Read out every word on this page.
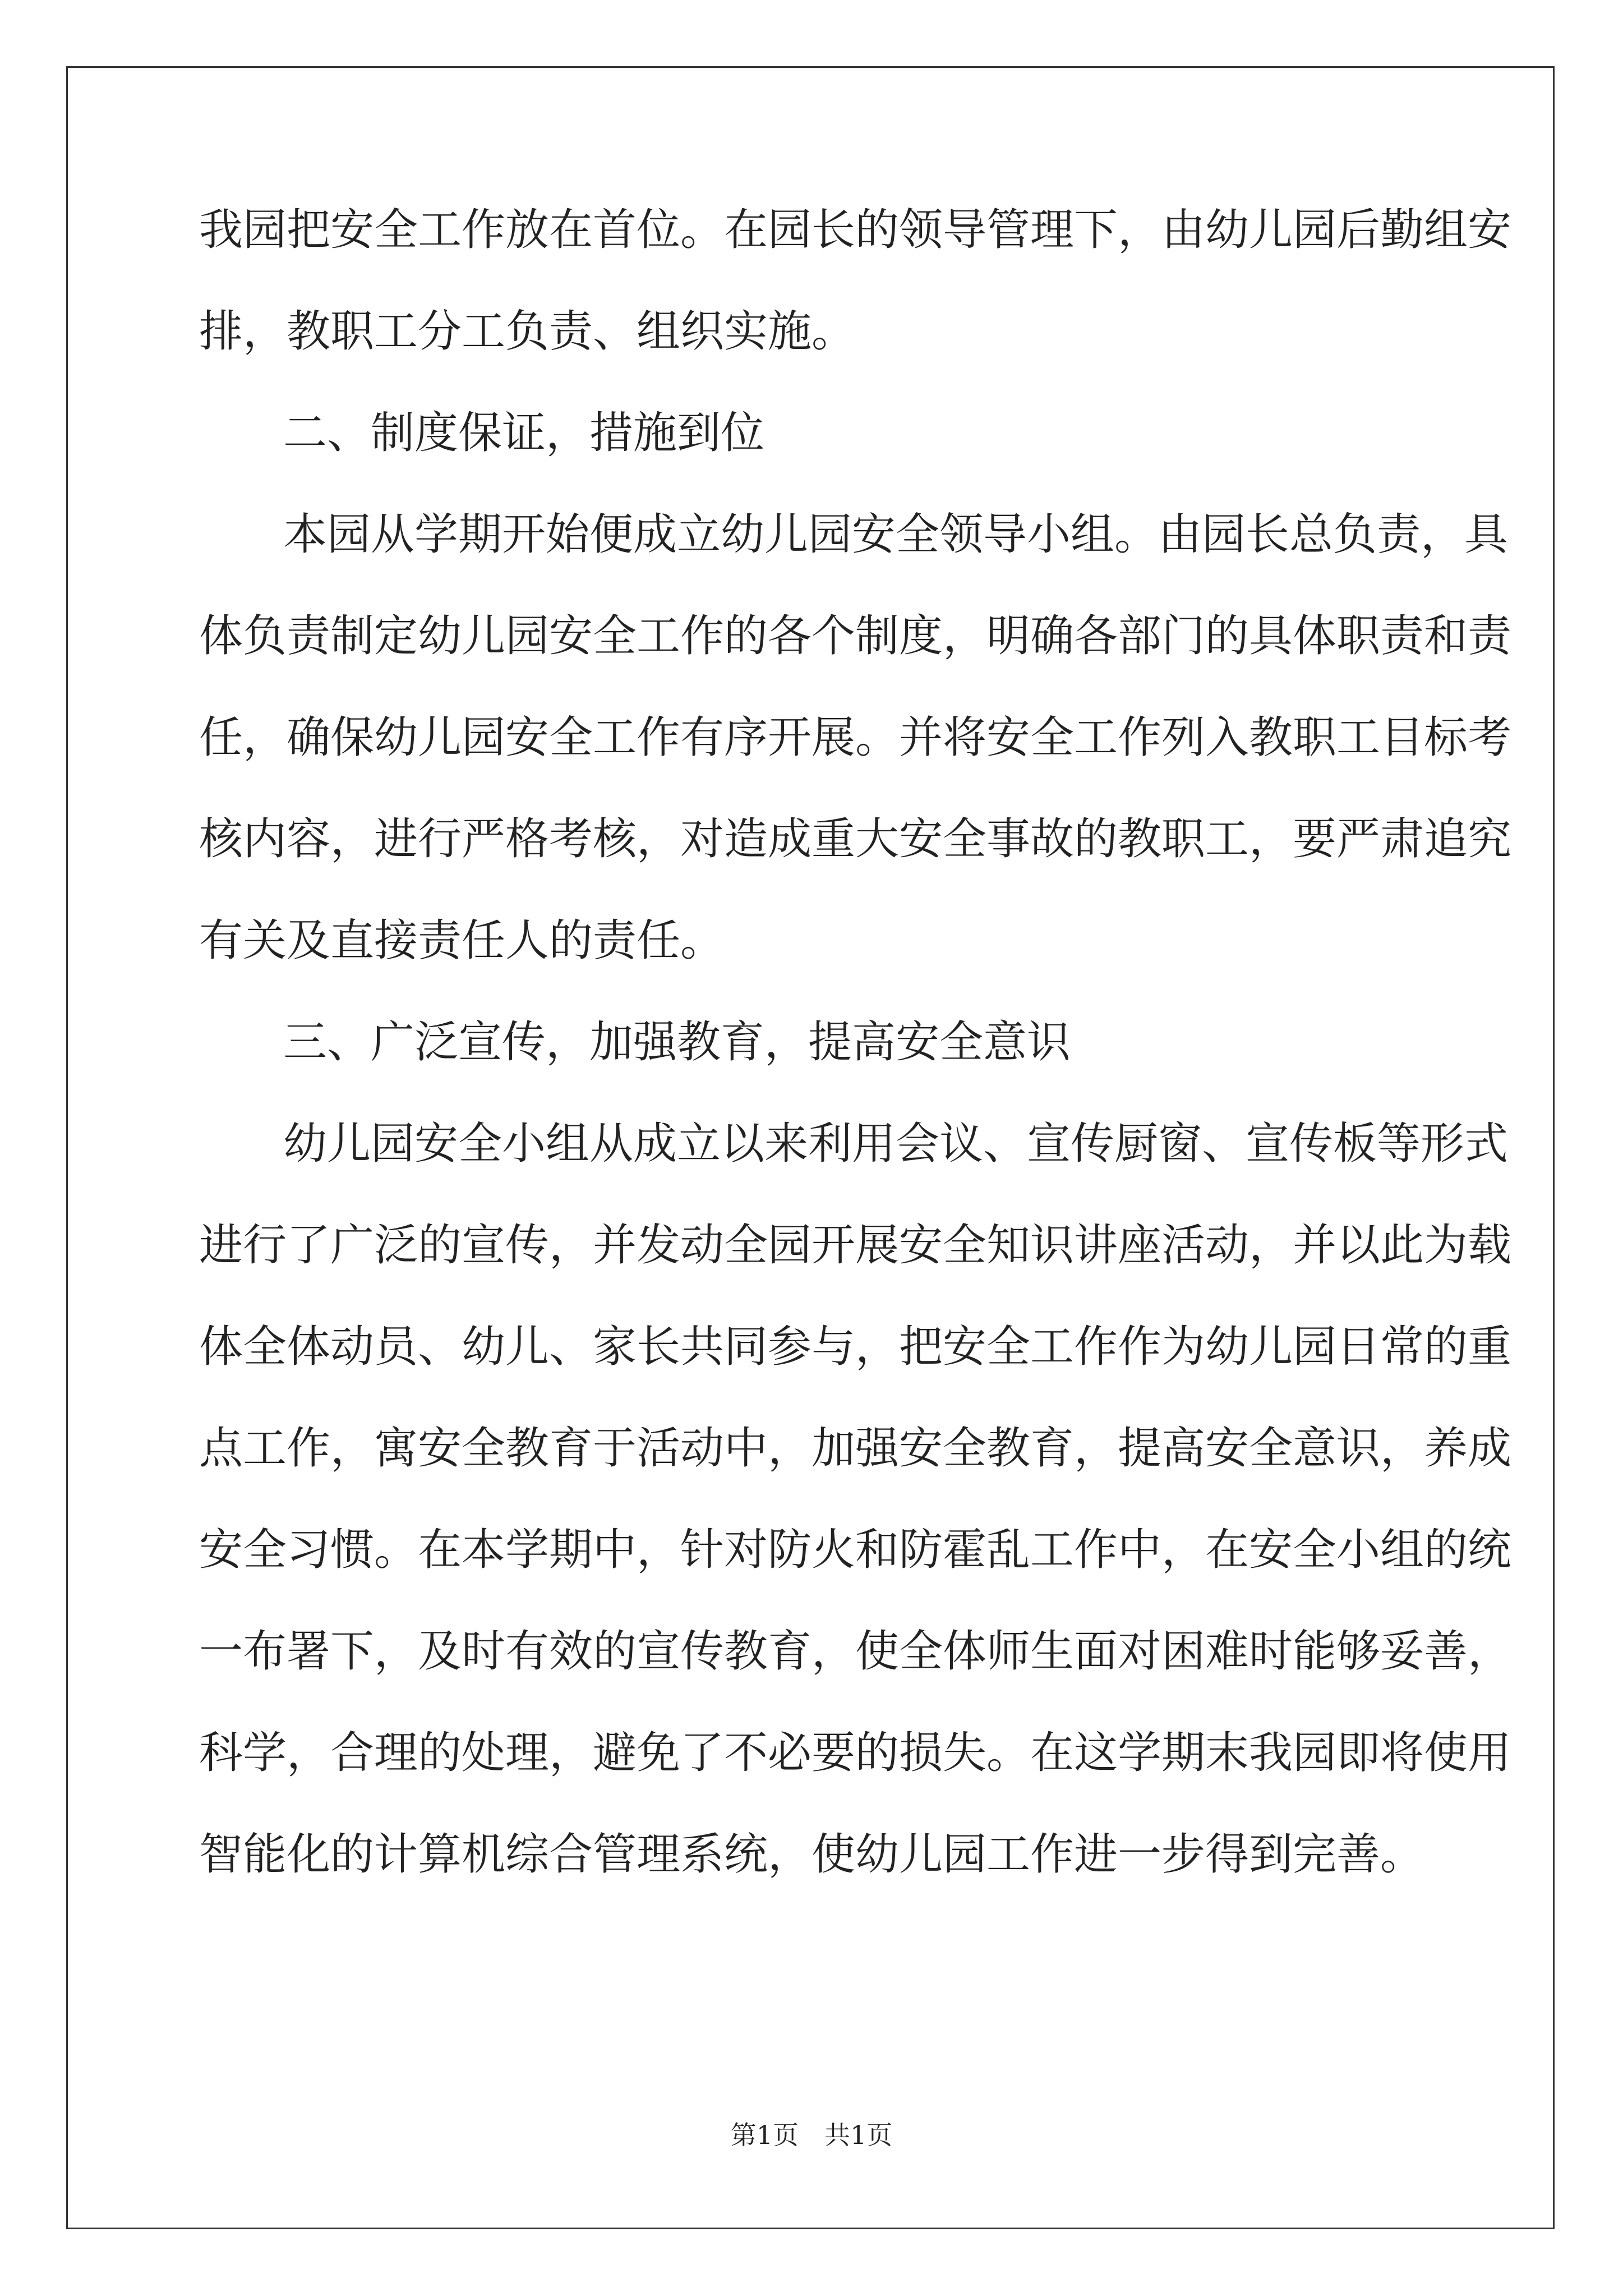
我园把安全工作放在首位。在园长的领导管理下，由幼儿园后勤组安
排，教职工分工负责、组织实施。
二、制度保证，措施到位
本园从学期开始便成立幼儿园安全领导小组。由园长总负责，具
体负责制定幼儿园安全工作的各个制度，明确各部门的具体职责和责
任，确保幼儿园安全工作有序开展。并将安全工作列入教职工目标考
核内容，进行严格考核，对造成重大安全事故的教职工，要严肃追究
有关及直接责任人的责任。
三、广泛宣传，加强教育，提高安全意识
幼儿园安全小组从成立以来利用会议、宣传厨窗、宣传板等形式
进行了广泛的宣传，并发动全园开展安全知识讲座活动，并以此为载
体全体动员、幼儿、家长共同参与，把安全工作作为幼儿园日常的重
点工作，寓安全教育于活动中，加强安全教育，提高安全意识，养成
安全习惯。在本学期中，针对防火和防霍乱工作中，在安全小组的统
一布署下，及时有效的宣传教育，使全体师生面对困难时能够妥善，
科学，合理的处理，避免了不必要的损失。在这学期末我园即将使用
智能化的计算机综合管理系统，使幼儿园工作进一步得到完善。
第1页　共1页
